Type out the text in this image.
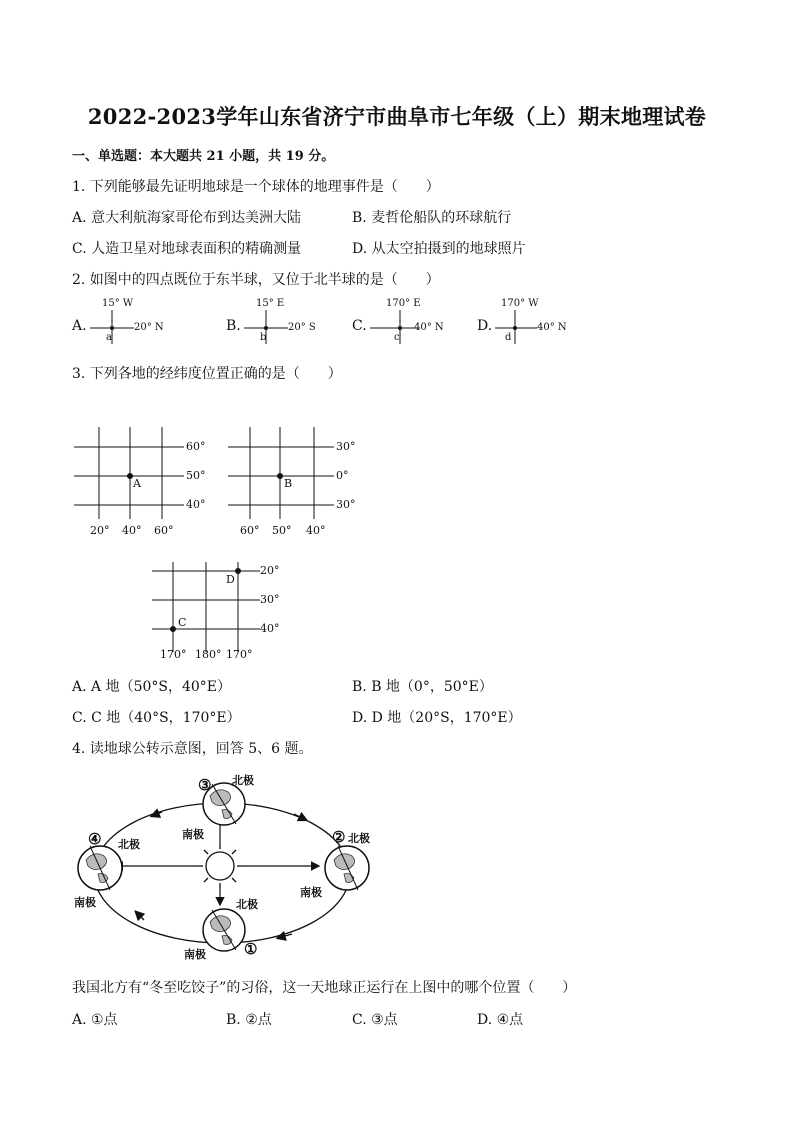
2022-2023学年山东省济宁市曲阜市七年级（上）期末地理试卷
一、单选题：本大题共 21 小题，共 19 分。
1. 下列能够最先证明地球是一个球体的地理事件是（　　）
A. 意大利航海家哥伦布到达美洲大陆	B. 麦哲伦船队的环球航行
C. 人造卫星对地球表面积的精确测量	D. 从太空拍摄到的地球照片
2. 如图中的四点既位于东半球，又位于北半球的是（　　）
A.
15° W
20° N
a
B.
15° E
20° S
b
C.
170° E
40° N
c
D.
170° W
40° N
d
3. 下列各地的经纬度位置正确的是（　　）
60°
50°
40°
20° 40° 60°
A
30°
0°
30°
60° 50° 40°
B
20°
30°
40°
170° 180° 170°
D
C
A. A 地（50°S，40°E）	B. B 地（0°，50°E）
C. C 地（40°S，170°E）	D. D 地（20°S，170°E）
4. 读地球公转示意图，回答 5、6 题。
③
①
④	②
北极
南极
北极
南极
北极
南极
北极
南极
我国北方有“冬至吃饺子”的习俗，这一天地球正运行在上图中的哪个位置（　　）
A. ①点	B. ②点	C. ③点	D. ④点
